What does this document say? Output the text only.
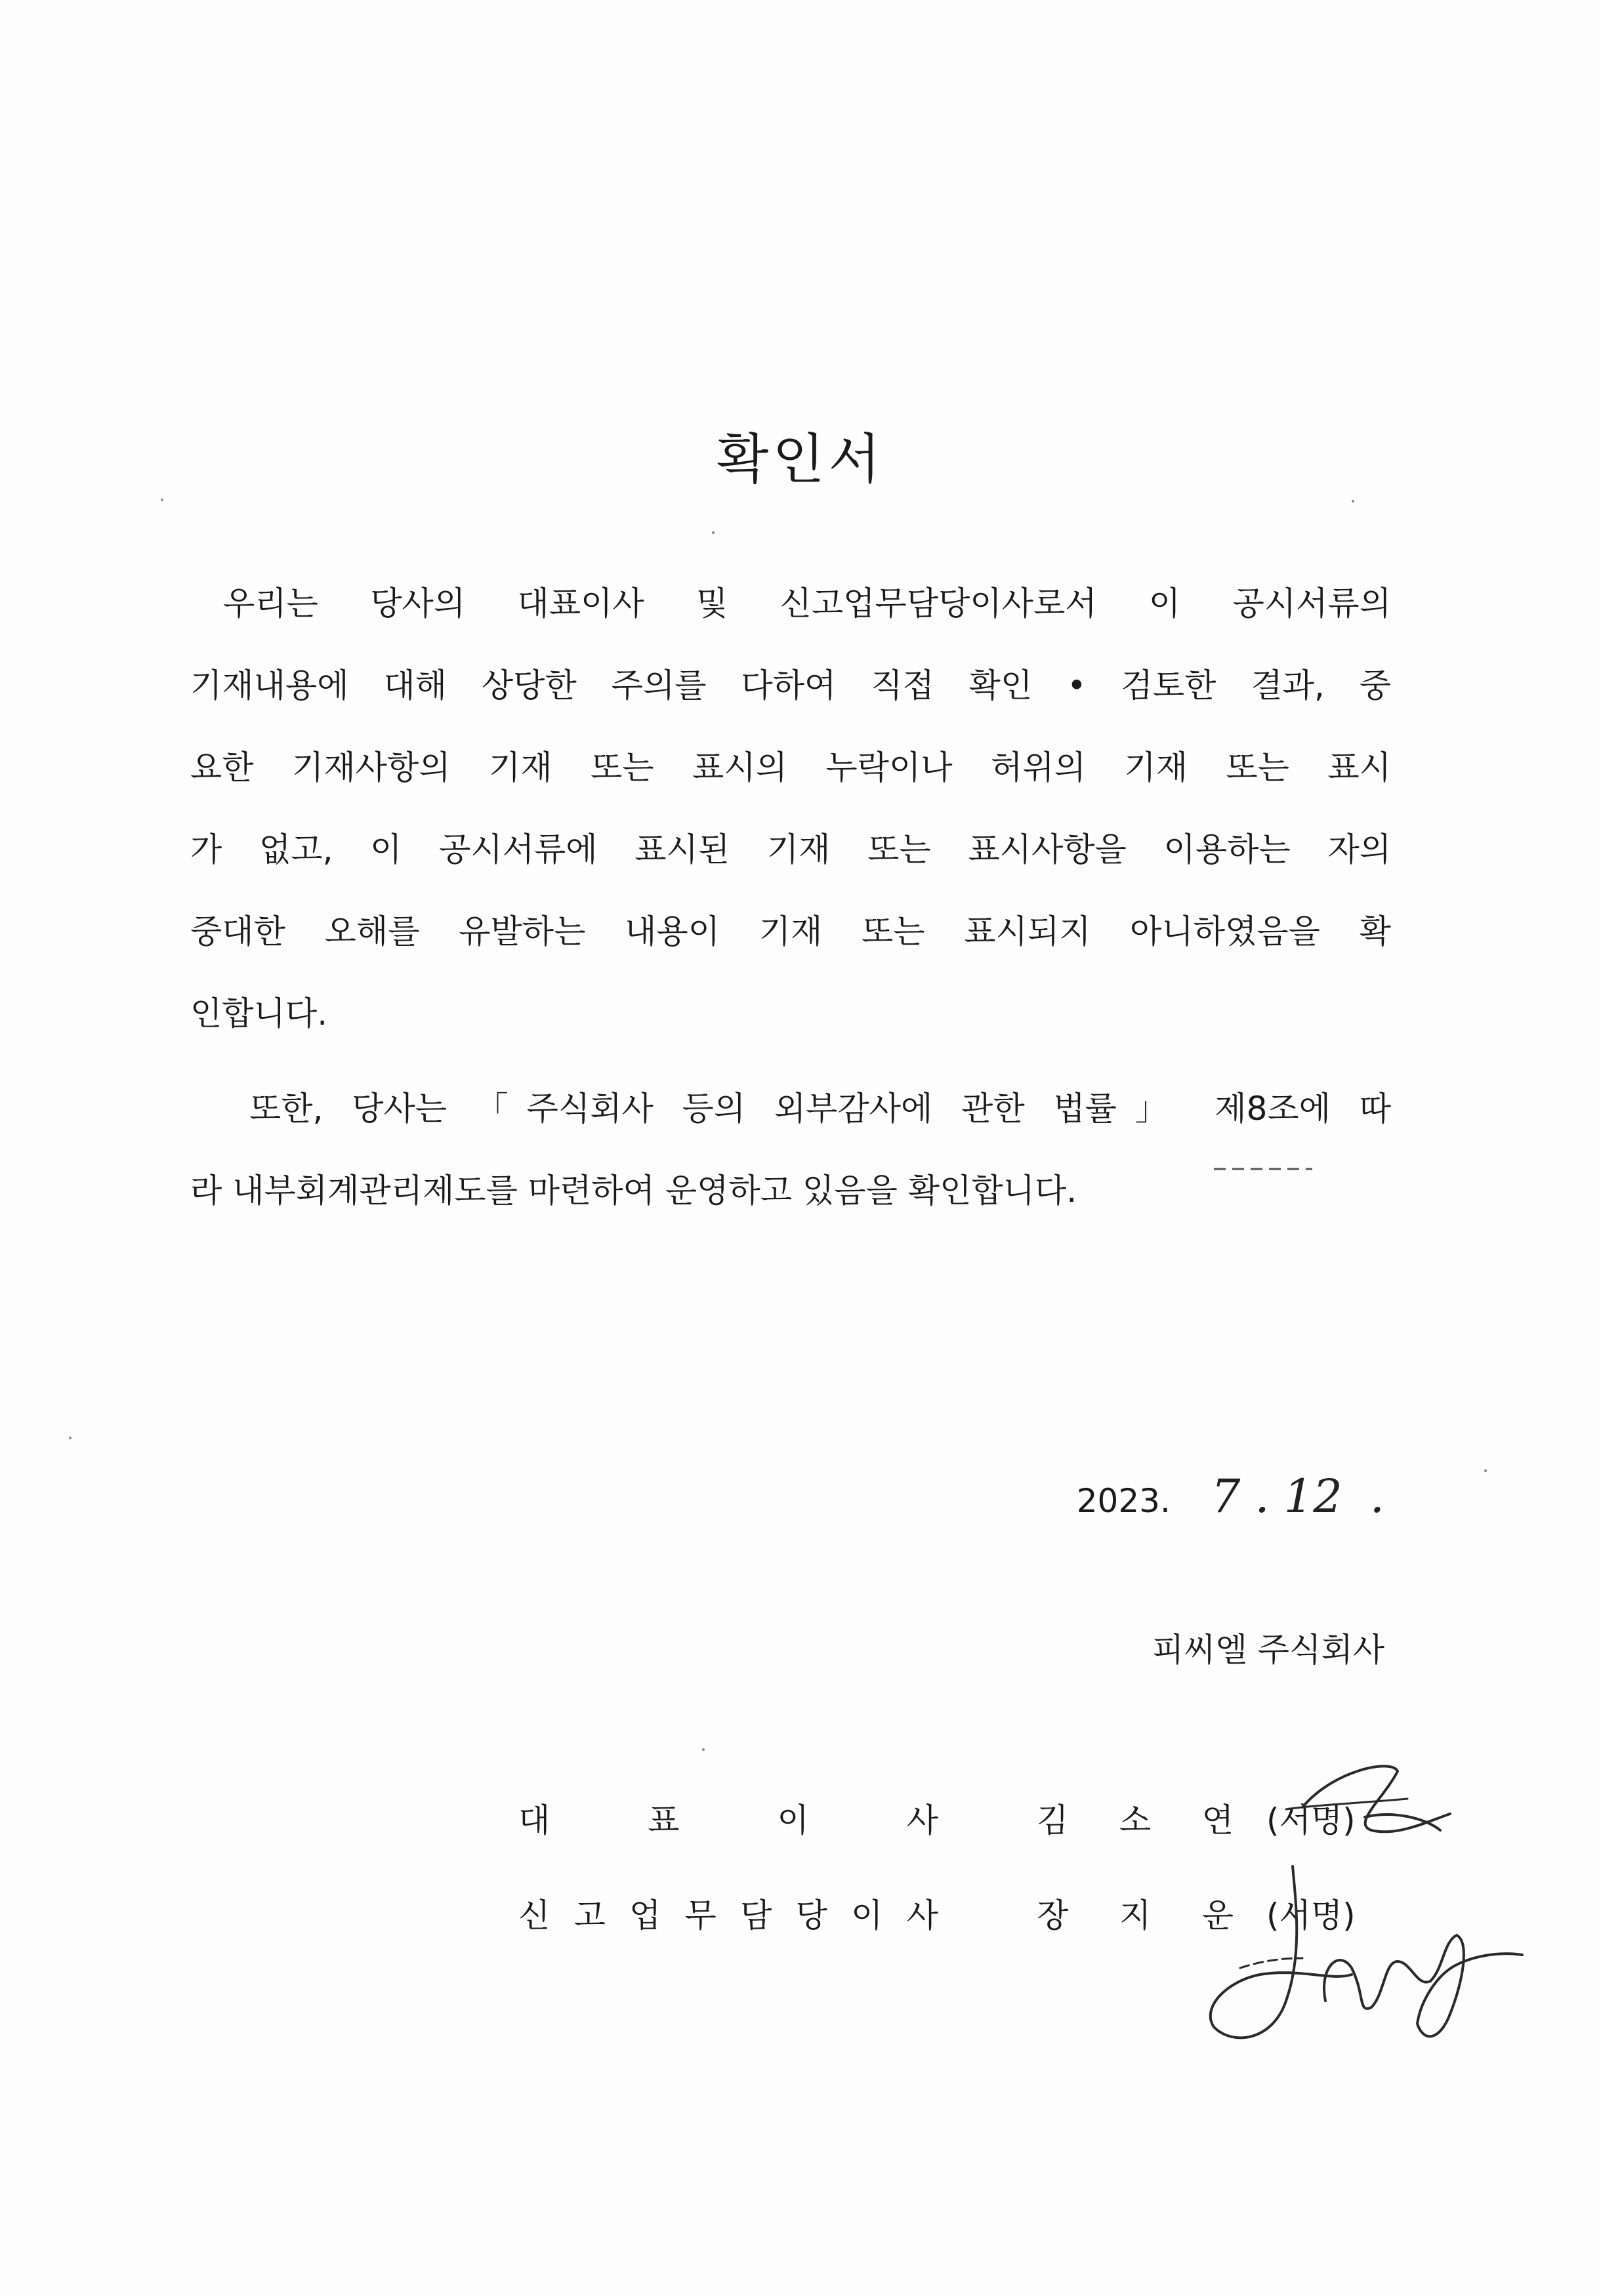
확인서

우리는 당사의 대표이사 및 신고업무담당이사로서 이 공시서류의
기재내용에 대해 상당한 주의를 다하여 직접 확인 • 검토한 결과, 중
요한 기재사항의 기재 또는 표시의 누락이나 허위의 기재 또는 표시
가 없고, 이 공시서류에 표시된 기재 또는 표시사항을 이용하는 자의
중대한 오해를 유발하는 내용이 기재 또는 표시되지 아니하였음을 확
인합니다.

또한, 당사는 「주식회사 등의 외부감사에 관한 법률」 제8조에 따
라 내부회계관리제도를 마련하여 운영하고 있음을 확인합니다.

2023. 7 . 12 .
피씨엘 주식회사
대	표	이	사	김 소 연 (서명)
신 고 업 무 담 당 이 사	장 지 운 (서명)
